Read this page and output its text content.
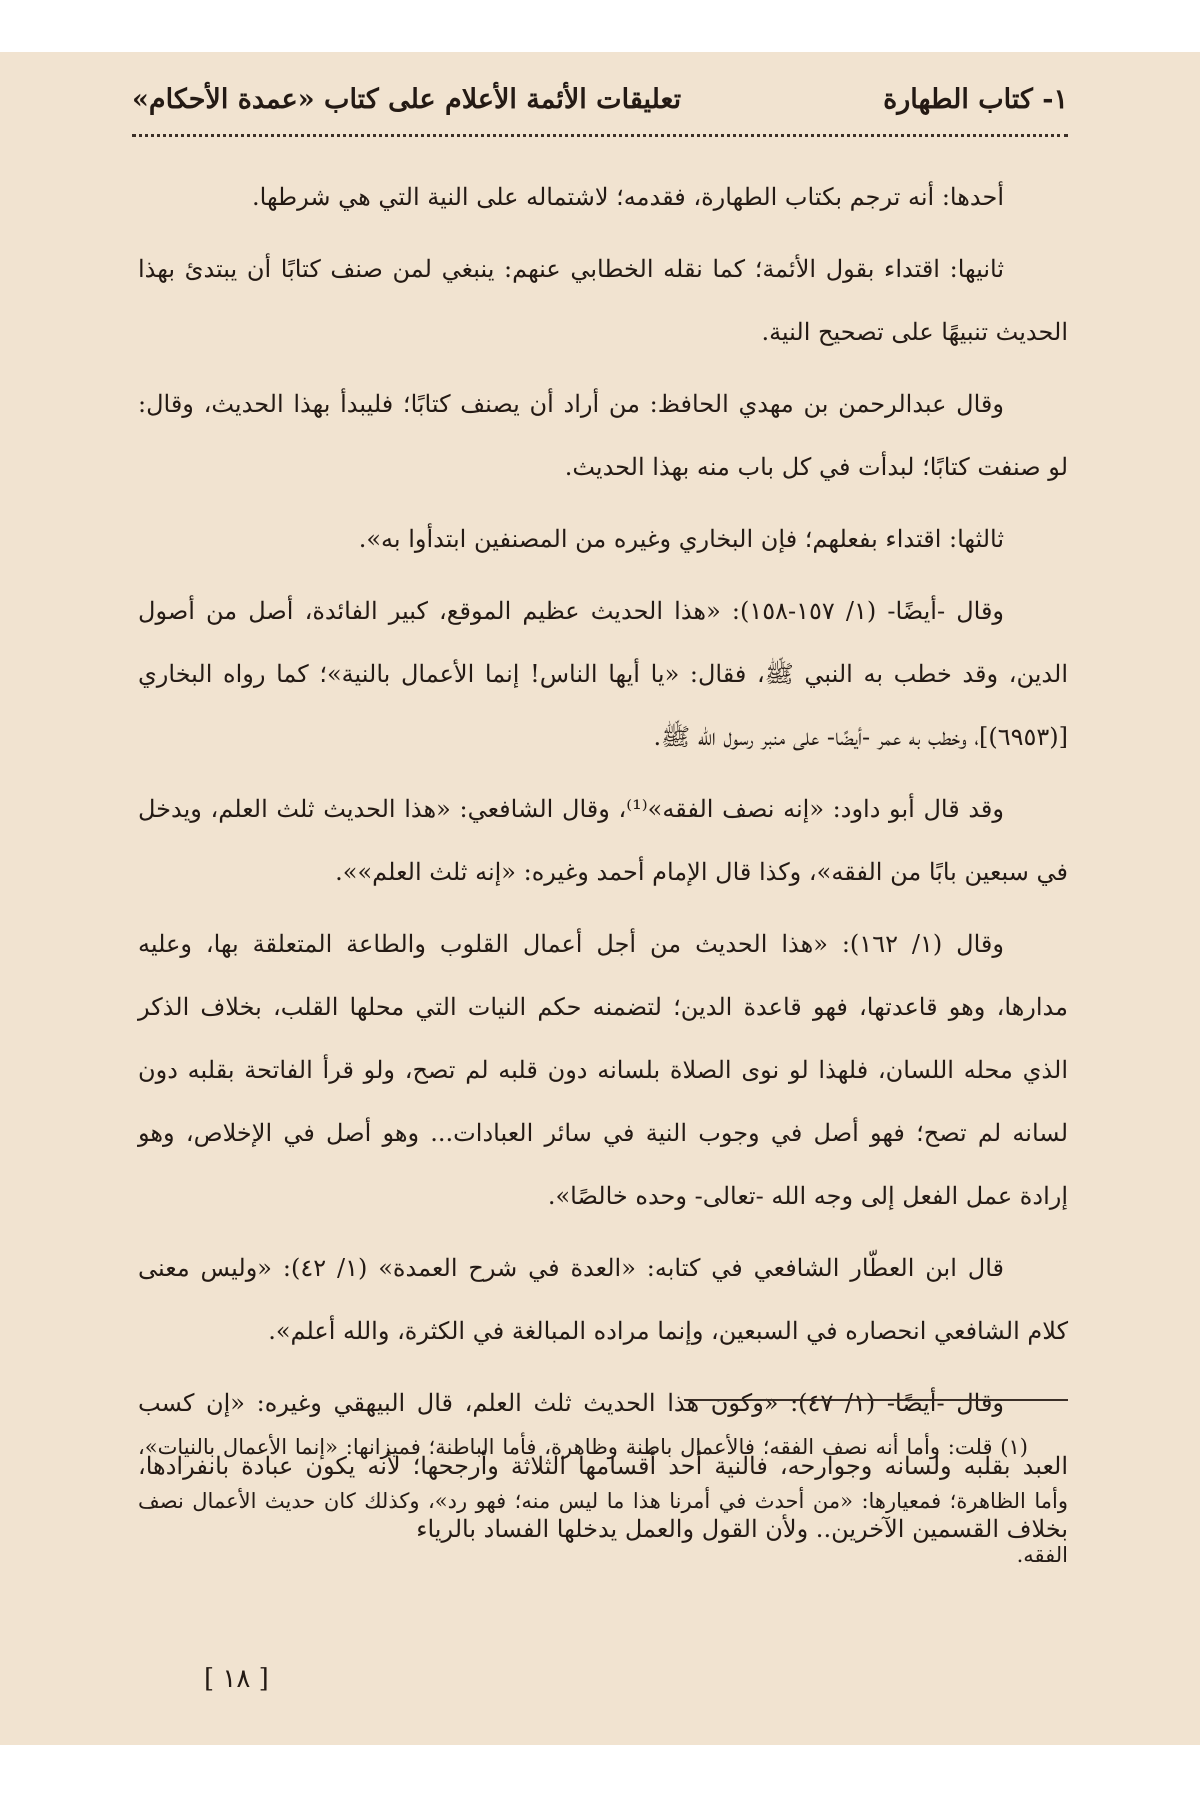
١- كتاب الطهارة
تعليقات الأئمة الأعلام على كتاب «عمدة الأحكام»

أحدها: أنه ترجم بكتاب الطهارة، فقدمه؛ لاشتماله على النية التي هي شرطها.

ثانيها: اقتداء بقول الأئمة؛ كما نقله الخطابي عنهم: ينبغي لمن صنف كتابًا أن يبتدئ بهذا الحديث تنبيهًا على تصحيح النية.

وقال عبدالرحمن بن مهدي الحافظ: من أراد أن يصنف كتابًا؛ فليبدأ بهذا الحديث، وقال: لو صنفت كتابًا؛ لبدأت في كل باب منه بهذا الحديث.

ثالثها: اقتداء بفعلهم؛ فإن البخاري وغيره من المصنفين ابتدأوا به».

وقال -أيضًا- (١/ ١٥٧-١٥٨): «هذا الحديث عظيم الموقع، كبير الفائدة، أصل من أصول الدين، وقد خطب به النبي ﷺ، فقال: «يا أيها الناس! إنما الأعمال بالنية»؛ كما رواه البخاري [(٦٩٥٣)]، وخطب به عمر -أيضًا- على منبر رسول الله ﷺ.

وقد قال أبو داود: «إنه نصف الفقه»⁽¹⁾، وقال الشافعي: «هذا الحديث ثلث العلم، ويدخل في سبعين بابًا من الفقه»، وكذا قال الإمام أحمد وغيره: «إنه ثلث العلم»».

وقال (١/ ١٦٢): «هذا الحديث من أجل أعمال القلوب والطاعة المتعلقة بها، وعليه مدارها، وهو قاعدتها، فهو قاعدة الدين؛ لتضمنه حكم النيات التي محلها القلب، بخلاف الذكر الذي محله اللسان، فلهذا لو نوى الصلاة بلسانه دون قلبه لم تصح، ولو قرأ الفاتحة بقلبه دون لسانه لم تصح؛ فهو أصل في وجوب النية في سائر العبادات... وهو أصل في الإخلاص، وهو إرادة عمل الفعل إلى وجه الله -تعالى- وحده خالصًا».

قال ابن العطّار الشافعي في كتابه: «العدة في شرح العمدة» (١/ ٤٢): «وليس معنى كلام الشافعي انحصاره في السبعين، وإنما مراده المبالغة في الكثرة، والله أعلم».

وقال -أيضًا- (١/ ٤٧): «وكون هذا الحديث ثلث العلم، قال البيهقي وغيره: «إن كسب العبد بقلبه ولسانه وجوارحه، فالنية أحد أقسامها الثلاثة وأرجحها؛ لأنه يكون عبادة بانفرادها، بخلاف القسمين الآخرين.. ولأن القول والعمل يدخلها الفساد بالرياء

(١) قلت: وأما أنه نصف الفقه؛ فالأعمال باطنة وظاهرة، فأما الباطنة؛ فميزانها: «إنما الأعمال بالنيات»، وأما الظاهرة؛ فمعيارها: «من أحدث في أمرنا هذا ما ليس منه؛ فهو رد»، وكذلك كان حديث الأعمال نصف الفقه.

[ ١٨ ]
